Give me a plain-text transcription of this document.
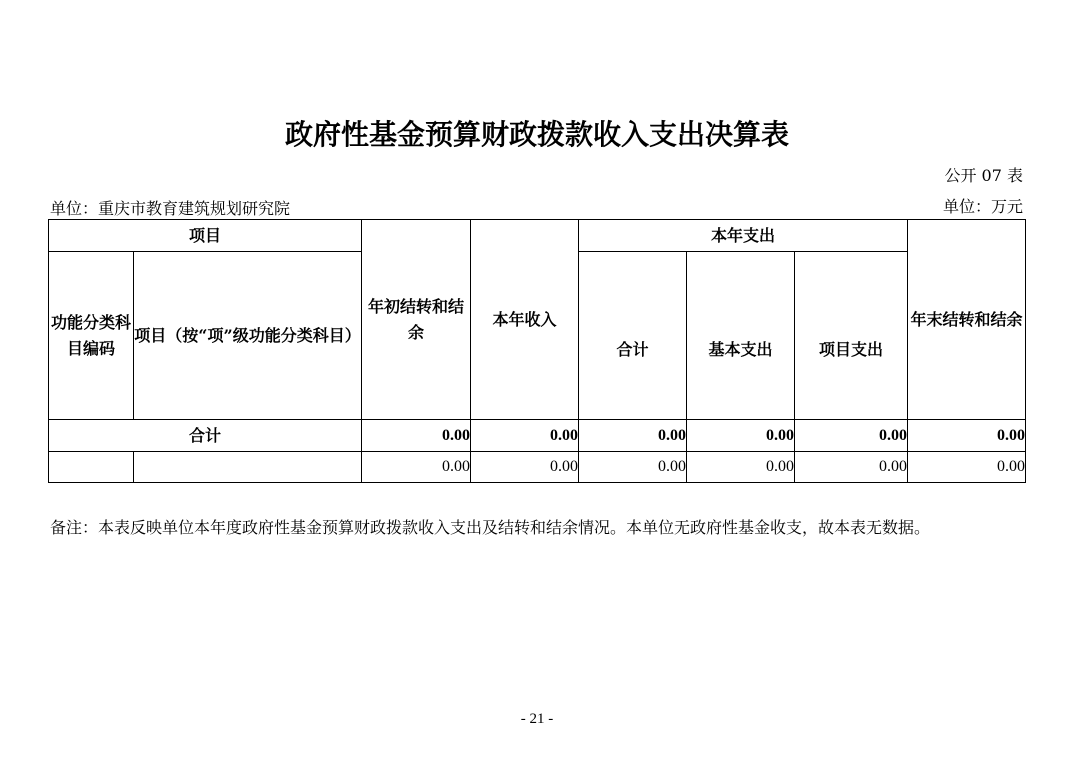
政府性基金预算财政拨款收入支出决算表
公开 07 表
单位：重庆市教育建筑规划研究院	单位：万元
项目		年初结转和结余	本年收入	本年支出			年末结转和结余
功能分类科目编码	项目（按“项”级功能分类科目）			合计	基本支出	项目支出	
合计		0.00	0.00	0.00	0.00	0.00	0.00
		0.00	0.00	0.00	0.00	0.00	0.00
备注：本表反映单位本年度政府性基金预算财政拨款收入支出及结转和结余情况。本单位无政府性基金收支，故本表无数据。
- 21 -
